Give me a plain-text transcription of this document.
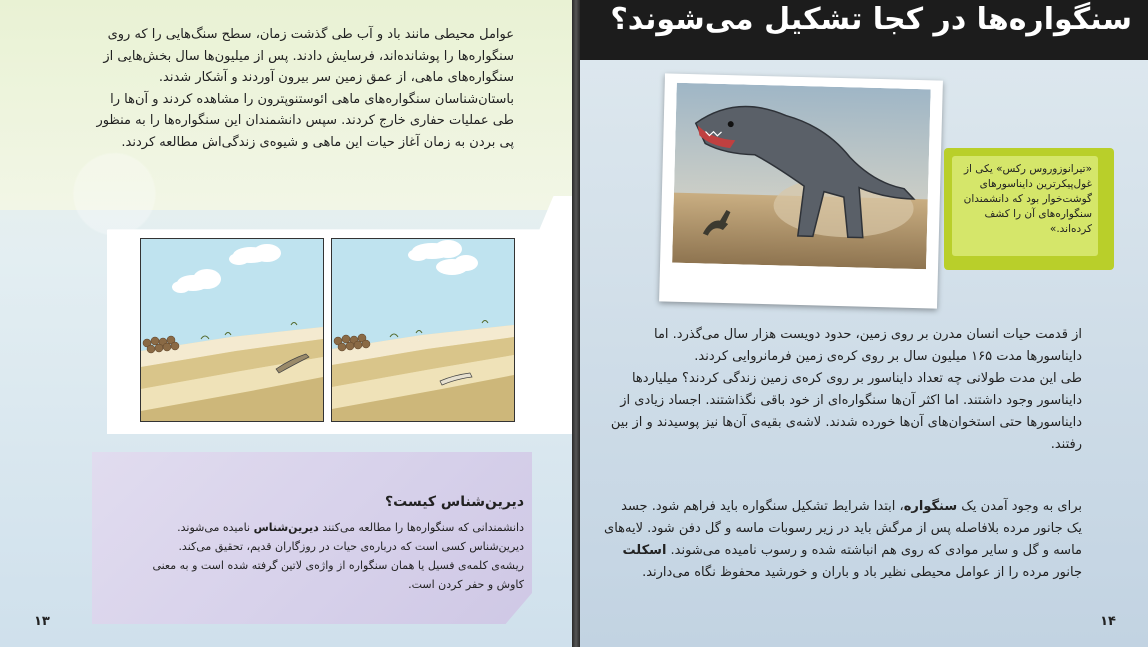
عوامل محیطی مانند باد و آب طی گذشت زمان، سطح سنگ‌هایی را که روی سنگواره‌ها را پوشانده‌اند، فرسایش دادند. پس از میلیون‌ها سال بخش‌هایی از سنگواره‌های ماهی، از عمق زمین سر بیرون آوردند و آشکار شدند.

باستان‌شناسان سنگواره‌های ماهی ائوستنوپترون را مشاهده کردند و آن‌ها را طی عملیات حفاری خارج کردند. سپس دانشمندان این سنگواره‌ها را به منظور پی بردن به زمان آغاز حیات این ماهی و شیوه‌ی زندگی‌اش مطالعه کردند.

دیرین‌شناس کیست؟
دانشمندانی که سنگواره‌ها را مطالعه می‌کنند دیرین‌شناس نامیده می‌شوند.
دیرین‌شناس کسی است که درباره‌ی حیات در روزگاران قدیم، تحقیق می‌کند.
ریشه‌ی کلمه‌ی فسیل یا همان سنگواره از واژه‌ی لاتین گرفته شده است و به معنی کاوش و حفر کردن است.
۱۳
سنگواره‌ها در کجا تشکیل می‌شوند؟
«تیرانوزوروس رکس» یکی از غول‌پیکرترین دایناسورهای گوشت‌خوار بود که دانشمندان سنگواره‌های آن را کشف کرده‌اند.»

از قدمت حیات انسان مدرن بر روی زمین، حدود دویست هزار سال می‌گذرد. اما دایناسورها مدت ۱۶۵ میلیون سال بر روی کره‌ی زمین فرمانروایی کردند.

طی این مدت طولانی چه تعداد دایناسور بر روی کره‌ی زمین زندگی کردند؟ میلیاردها دایناسور وجود داشتند. اما اکثر آن‌ها سنگواره‌ای از خود باقی نگذاشتند. اجساد زیادی از دایناسورها حتی استخوان‌های آن‌ها خورده شدند. لاشه‌ی بقیه‌ی آن‌ها نیز پوسیدند و از بین رفتند.

برای به وجود آمدن یک سنگواره، ابتدا شرایط تشکیل سنگواره باید فراهم شود. جسد یک جانور مرده بلافاصله پس از مرگش باید در زیر رسوبات ماسه و گل دفن شود. لایه‌های ماسه و گل و سایر موادی که روی هم انباشته شده و رسوب نامیده می‌شوند. اسکلت جانور مرده را از عوامل محیطی نظیر باد و باران و خورشید محفوظ نگاه می‌دارند.
۱۴
